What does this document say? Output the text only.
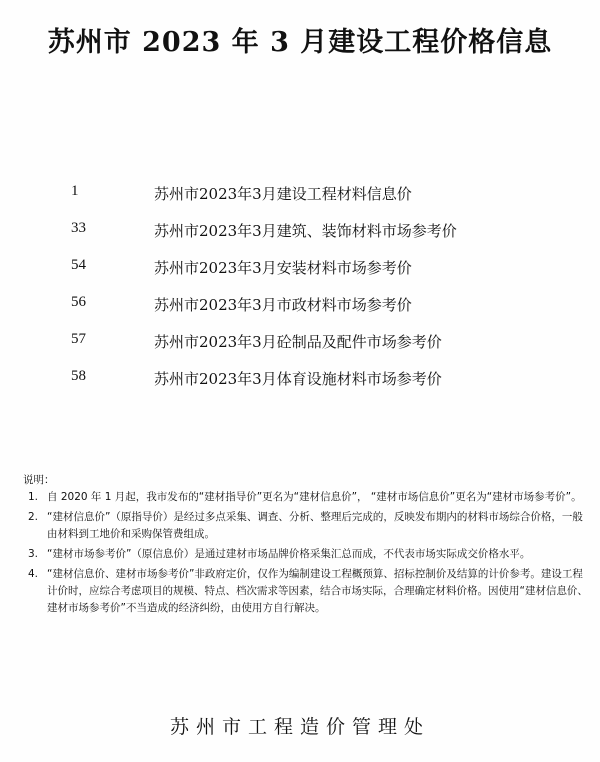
苏州市 2023 年 3 月建设工程价格信息
1	苏州市2023年3月建设工程材料信息价
33	苏州市2023年3月建筑、装饰材料市场参考价
54	苏州市2023年3月安装材料市场参考价
56	苏州市2023年3月市政材料市场参考价
57	苏州市2023年3月砼制品及配件市场参考价
58	苏州市2023年3月体育设施材料市场参考价
说明：
1. 自 2020 年 1 月起，我市发布的“建材指导价”更名为“建材信息价”， “建材市场信息价”更名为“建材市场参考价”。
2. “建材信息价”（原指导价）是经过多点采集、调查、分析、整理后完成的，反映发布期内的材料市场综合价格，一般由材料到工地价和采购保管费组成。
3. “建材市场参考价”（原信息价）是通过建材市场品牌价格采集汇总而成，不代表市场实际成交价格水平。
4. “建材信息价、建材市场参考价”非政府定价，仅作为编制建设工程概预算、招标控制价及结算的计价参考。建设工程计价时，应综合考虑项目的规模、特点、档次需求等因素，结合市场实际，合理确定材料价格。因使用“建材信息价、建材市场参考价”不当造成的经济纠纷，由使用方自行解决。
苏州市工程造价管理处
